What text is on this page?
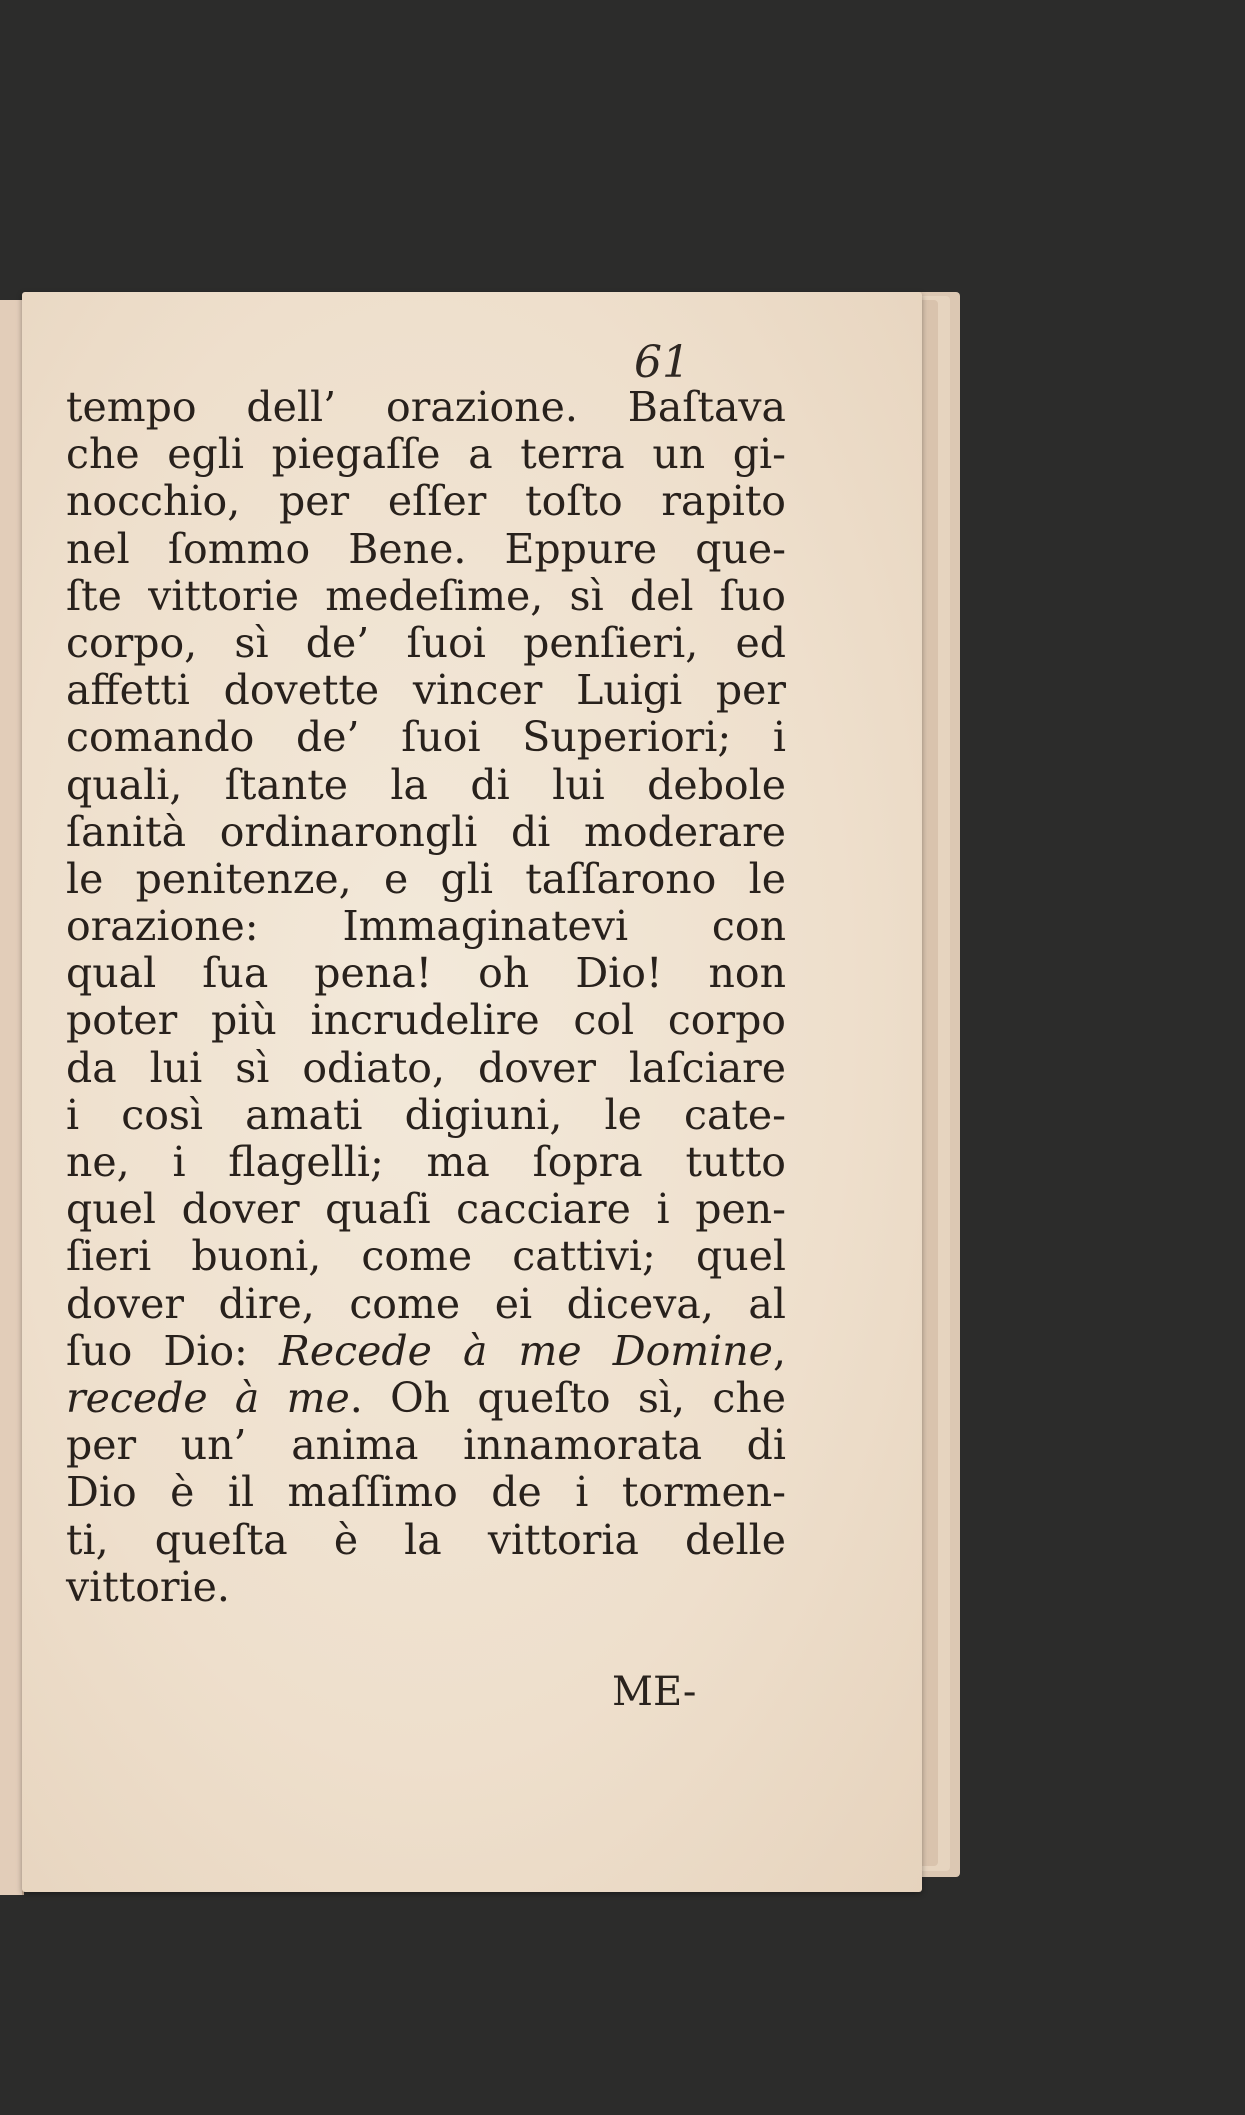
61
tempo dell’ orazione. Baſtava
che egli piegaſſe a terra un gi-
nocchio, per eſſer toſto rapito
nel ſommo Bene. Eppure que-
ſte vittorie medeſime, sì del ſuo
corpo, sì de’ ſuoi penſieri, ed
affetti dovette vincer Luigi per
comando de’ ſuoi Superiori; i
quali, ſtante la di lui debole
ſanità ordinarongli di moderare
le penitenze, e gli taſſarono le
orazione: Immaginatevi con
qual ſua pena! oh Dio! non
poter più incrudelire col corpo
da lui sì odiato, dover laſciare
i così amati digiuni, le cate-
ne, i flagelli; ma ſopra tutto
quel dover quaſi cacciare i pen-
ſieri buoni, come cattivi; quel
dover dire, come ei diceva, al
ſuo Dio: Recede à me Domine,
recede à me. Oh queſto sì, che
per un’ anima innamorata di
Dio è il maſſimo de i tormen-
ti, queſta è la vittoria delle
vittorie.
ME-
